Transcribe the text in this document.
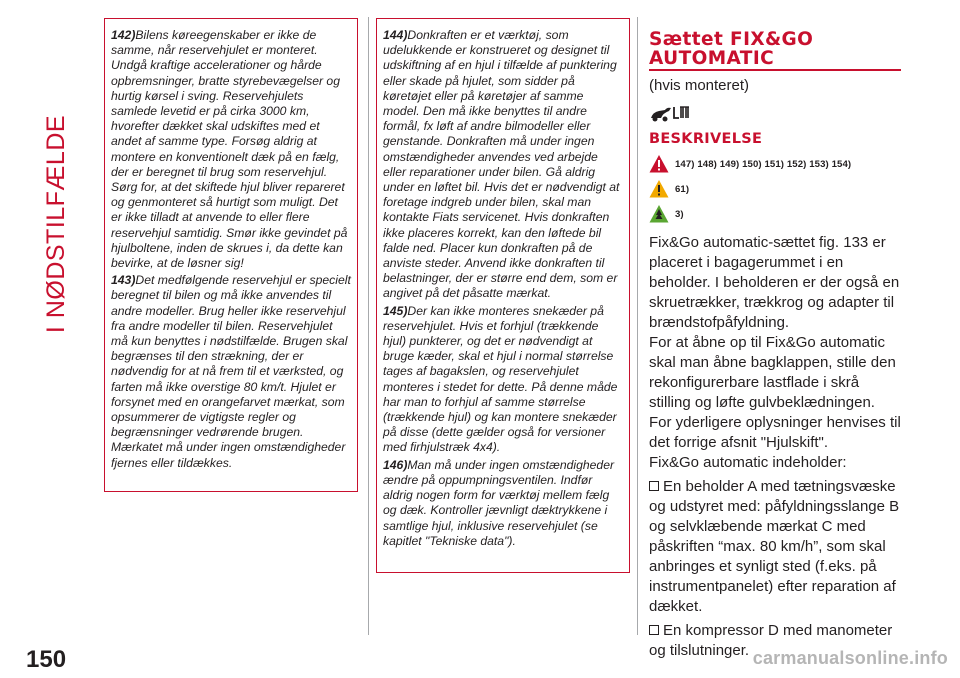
I NØDSTILFÆLDE
150

142)Bilens køreegenskaber er ikke de samme, når reservehjulet er monteret. Undgå kraftige accelerationer og hårde opbremsninger, bratte styrebevægelser og hurtig kørsel i sving. Reservehjulets samlede levetid er på cirka 3000 km, hvorefter dækket skal udskiftes med et andet af samme type. Forsøg aldrig at montere en konventionelt dæk på en fælg, der er beregnet til brug som reservehjul. Sørg for, at det skiftede hjul bliver repareret og genmonteret så hurtigt som muligt. Det er ikke tilladt at anvende to eller flere reservehjul samtidig. Smør ikke gevindet på hjulboltene, inden de skrues i, da dette kan bevirke, at de løsner sig!

143)Det medfølgende reservehjul er specielt beregnet til bilen og må ikke anvendes til andre modeller. Brug heller ikke reservehjul fra andre modeller til bilen. Reservehjulet må kun benyttes i nødstilfælde. Brugen skal begrænses til den strækning, der er nødvendig for at nå frem til et værksted, og farten må ikke overstige 80 km/t. Hjulet er forsynet med en orangefarvet mærkat, som opsummerer de vigtigste regler og begrænsninger vedrørende brugen. Mærkatet må under ingen omstændigheder fjernes eller tildækkes.

144)Donkraften er et værktøj, som udelukkende er konstrueret og designet til udskiftning af en hjul i tilfælde af punktering eller skade på hjulet, som sidder på køretøjet eller på køretøjer af samme model. Den må ikke benyttes til andre formål, fx løft af andre bilmodeller eller genstande. Donkraften må under ingen omstændigheder anvendes ved arbejde eller reparationer under bilen. Gå aldrig under en løftet bil. Hvis det er nødvendigt at foretage indgreb under bilen, skal man kontakte Fiats servicenet. Hvis donkraften ikke placeres korrekt, kan den løftede bil falde ned. Placer kun donkraften på de anviste steder. Anvend ikke donkraften til belastninger, der er større end dem, som er angivet på det påsatte mærkat.

145)Der kan ikke monteres snekæder på reservehjulet. Hvis et forhjul (trækkende hjul) punkterer, og det er nødvendigt at bruge kæder, skal et hjul i normal størrelse tages af bagakslen, og reservehjulet monteres i stedet for dette. På denne måde har man to forhjul af samme størrelse (trækkende hjul) og kan montere snekæder på disse (dette gælder også for versioner med firhjulstræk 4x4).

146)Man må under ingen omstændigheder ændre på oppumpningsventilen. Indfør aldrig nogen form for værktøj mellem fælg og dæk. Kontroller jævnligt dæktrykkene i samtlige hjul, inklusive reservehjulet (se kapitlet "Tekniske data").

Sættet FIX&GO
AUTOMATIC
(hvis monteret)
BESKRIVELSE
147) 148) 149) 150) 151) 152) 153) 154)
61)
3)

Fix&Go automatic-sættet fig. 133 er placeret i bagagerummet i en beholder. I beholderen er der også en skruetrækker, trækkrog og adapter til brændstofpåfyldning.

For at åbne op til Fix&Go automatic skal man åbne bagklappen, stille den rekonfigurerbare lastflade i skrå stilling og løfte gulvbeklædningen. For yderligere oplysninger henvises til det forrige afsnit "Hjulskift".

Fix&Go automatic indeholder:

En beholder A med tætningsvæske og udstyret med: påfyldningsslange B og selvklæbende mærkat C med påskriften “max. 80 km/h”, som skal anbringes et synligt sted (f.eks. på instrumentpanelet) efter reparation af dækket.

En kompressor D med manometer og tilslutninger. carmanualsonline.info
